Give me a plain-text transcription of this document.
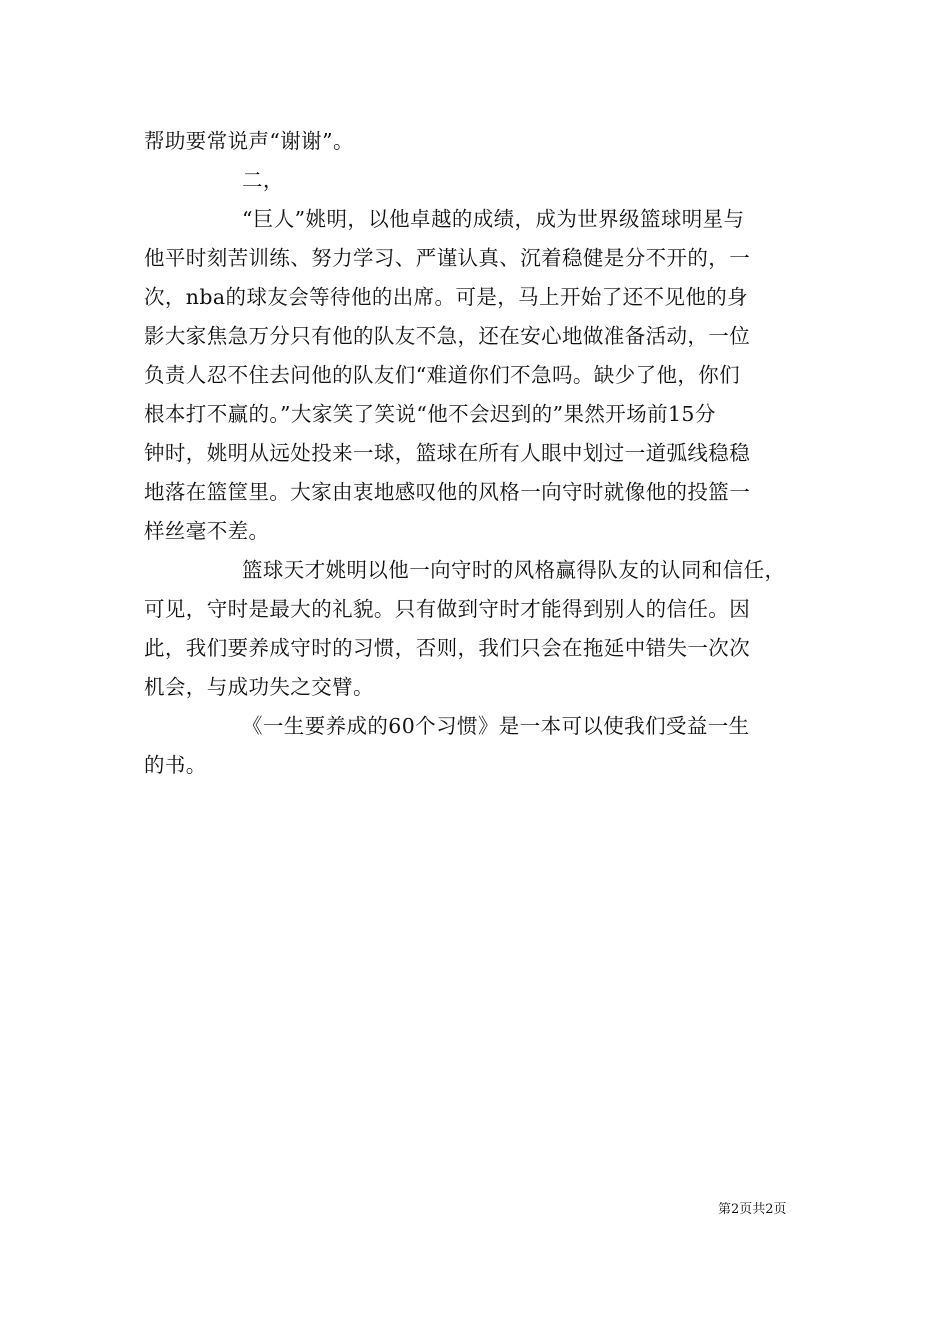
帮助要常说声“谢谢”。
二，
“巨人”姚明，以他卓越的成绩，成为世界级篮球明星与
他平时刻苦训练、努力学习、严谨认真、沉着稳健是分不开的，一
次，nba的球友会等待他的出席。可是，马上开始了还不见他的身
影大家焦急万分只有他的队友不急，还在安心地做准备活动，一位
负责人忍不住去问他的队友们“难道你们不急吗。缺少了他，你们
根本打不赢的。”大家笑了笑说“他不会迟到的”果然开场前15分
钟时，姚明从远处投来一球，篮球在所有人眼中划过一道弧线稳稳
地落在篮筐里。大家由衷地感叹他的风格一向守时就像他的投篮一
样丝毫不差。
篮球天才姚明以他一向守时的风格赢得队友的认同和信任，
可见，守时是最大的礼貌。只有做到守时才能得到别人的信任。因
此，我们要养成守时的习惯，否则，我们只会在拖延中错失一次次
机会，与成功失之交臂。
《一生要养成的60个习惯》是一本可以使我们受益一生
的书。
第2页共2页
